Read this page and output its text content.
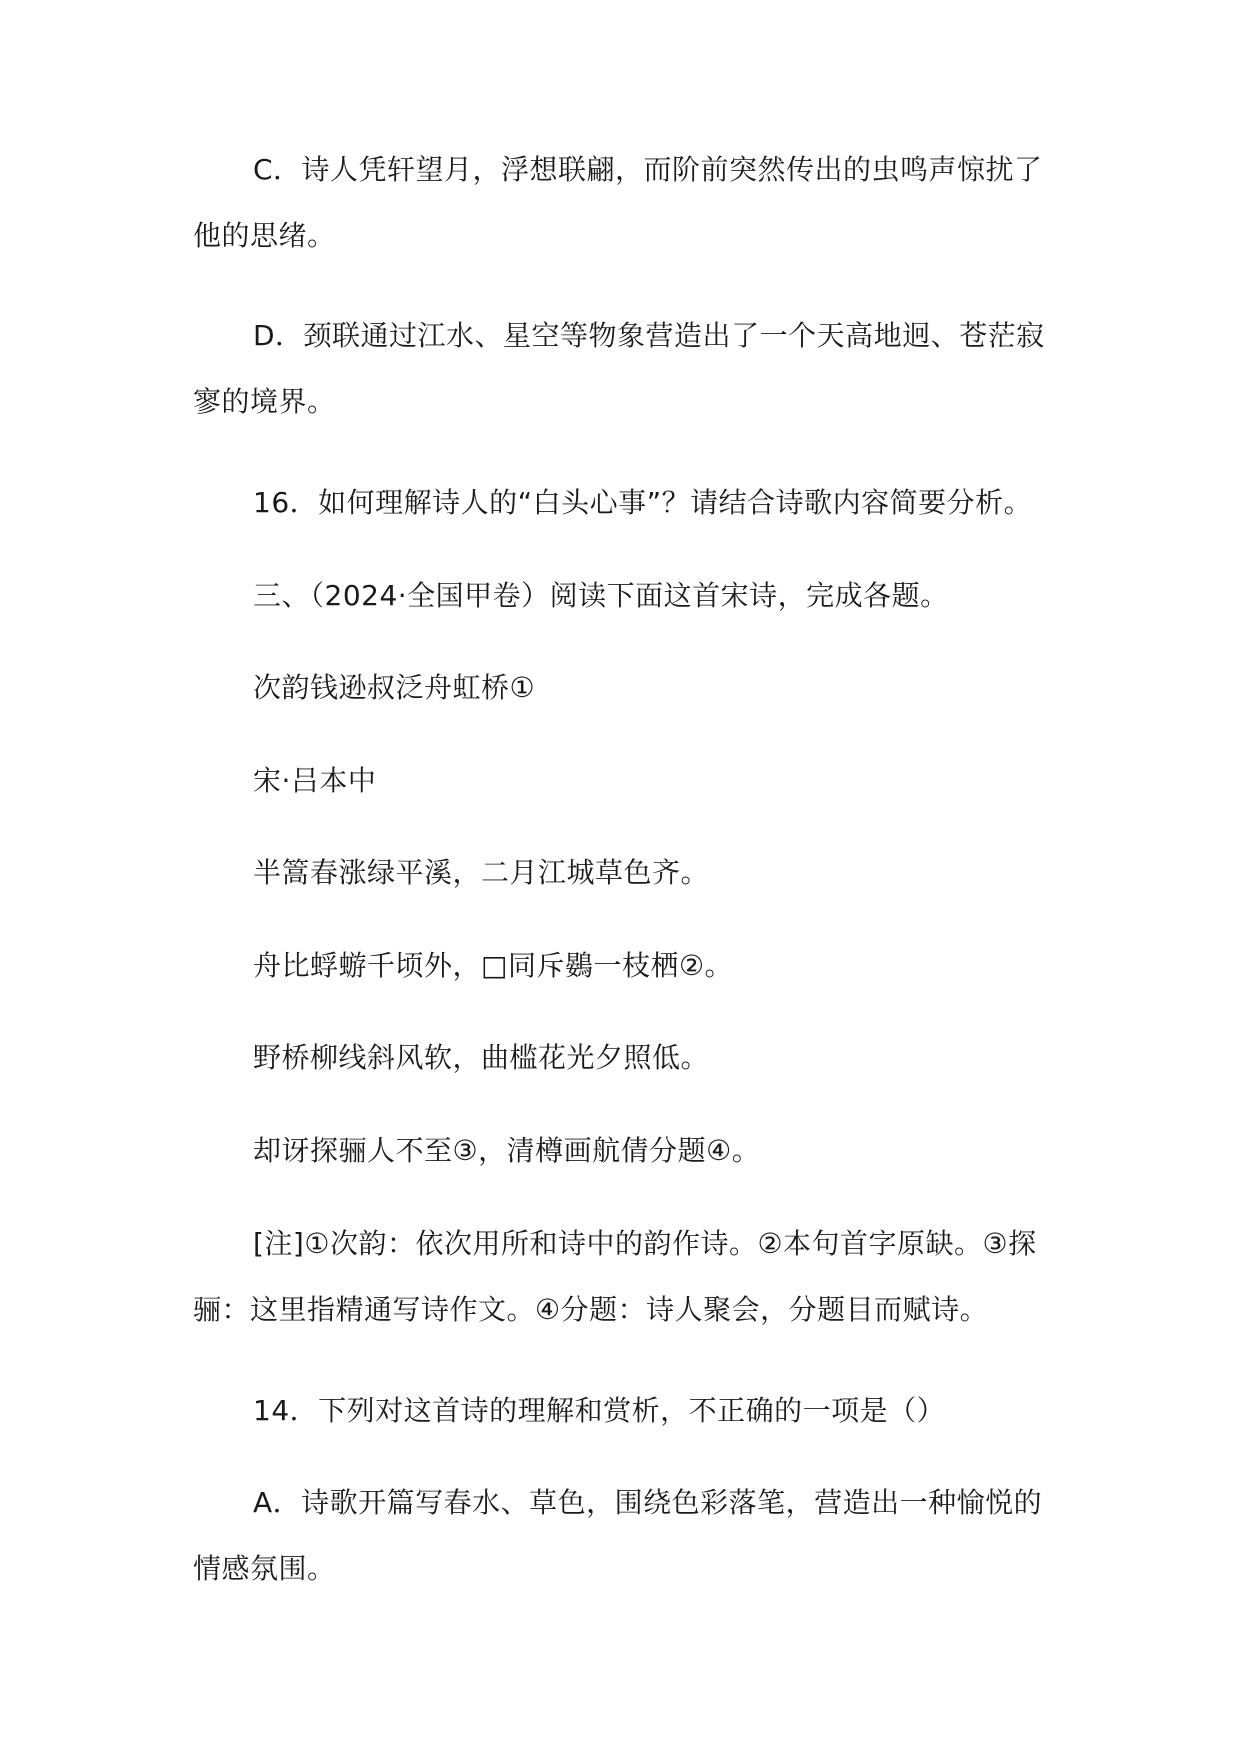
C．诗人凭轩望月，浮想联翩，而阶前突然传出的虫鸣声惊扰了他的思绪。

D．颈联通过江水、星空等物象营造出了一个天高地迥、苍茫寂寥的境界。

16．如何理解诗人的“白头心事”？请结合诗歌内容简要分析。

三、（2024·全国甲卷）阅读下面这首宋诗，完成各题。

次韵钱逊叔泛舟虹桥①

宋·吕本中

半篙春涨绿平溪，二月江城草色齐。

舟比蜉蝣千顷外，□同斥鷃一枝栖②。

野桥柳线斜风软，曲槛花光夕照低。

却讶探骊人不至③，清樽画航倩分题④。

[注]①次韵：依次用所和诗中的韵作诗。②本句首字原缺。③探骊：这里指精通写诗作文。④分题：诗人聚会，分题目而赋诗。

14．下列对这首诗的理解和赏析，不正确的一项是（）

A．诗歌开篇写春水、草色，围绕色彩落笔，营造出一种愉悦的情感氛围。
